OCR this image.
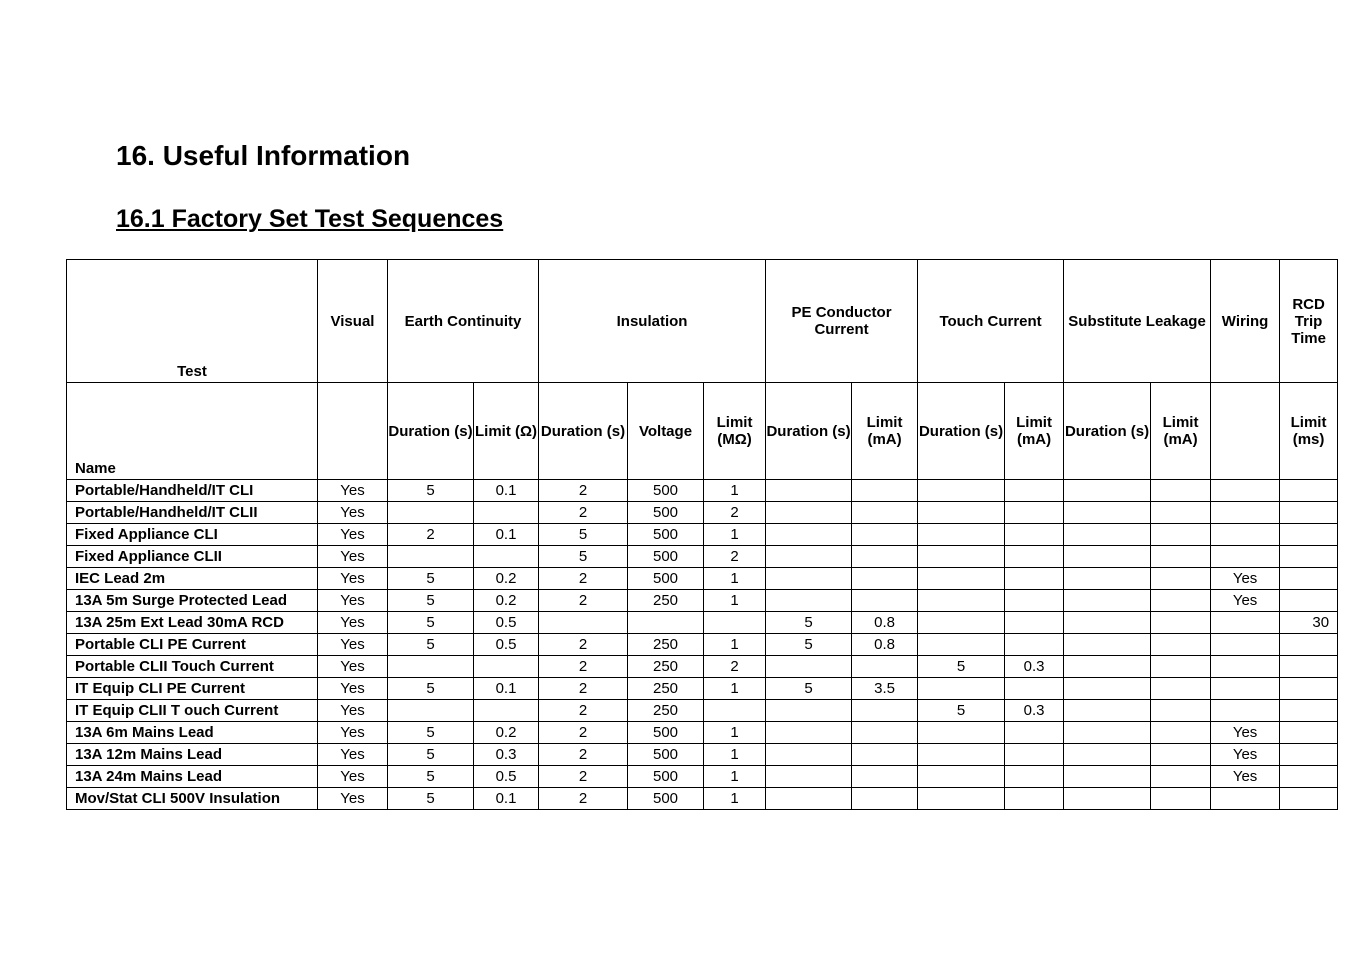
16. Useful Information
16.1 Factory Set Test Sequences
Test	Visual	Earth Continuity		Insulation			PE Conductor Current		Touch Current		Substitute Leakage		Wiring	RCD Trip Time
Name		Duration (s)	Limit (Ω)	Duration (s)	Voltage	Limit (MΩ)	Duration (s)	Limit (mA)	Duration (s)	Limit (mA)	Duration (s)	Limit (mA)		Limit (ms)
Portable/Handheld/IT CLI	Yes	5	0.1	2	500	1								
Portable/Handheld/IT CLII	Yes			2	500	2								
Fixed Appliance CLI	Yes	2	0.1	5	500	1								
Fixed Appliance CLII	Yes			5	500	2								
IEC Lead 2m	Yes	5	0.2	2	500	1							Yes	
13A 5m Surge Protected Lead	Yes	5	0.2	2	250	1							Yes	
13A 25m Ext Lead 30mA RCD	Yes	5	0.5				5	0.8						30
Portable CLI PE Current	Yes	5	0.5	2	250	1	5	0.8						
Portable CLII Touch Current	Yes			2	250	2			5	0.3				
IT Equip CLI PE Current	Yes	5	0.1	2	250	1	5	3.5						
IT Equip CLII T ouch Current	Yes			2	250				5	0.3				
13A 6m Mains Lead	Yes	5	0.2	2	500	1							Yes	
13A 12m Mains Lead	Yes	5	0.3	2	500	1							Yes	
13A 24m Mains Lead	Yes	5	0.5	2	500	1							Yes	
Mov/Stat CLI 500V Insulation	Yes	5	0.1	2	500	1								
